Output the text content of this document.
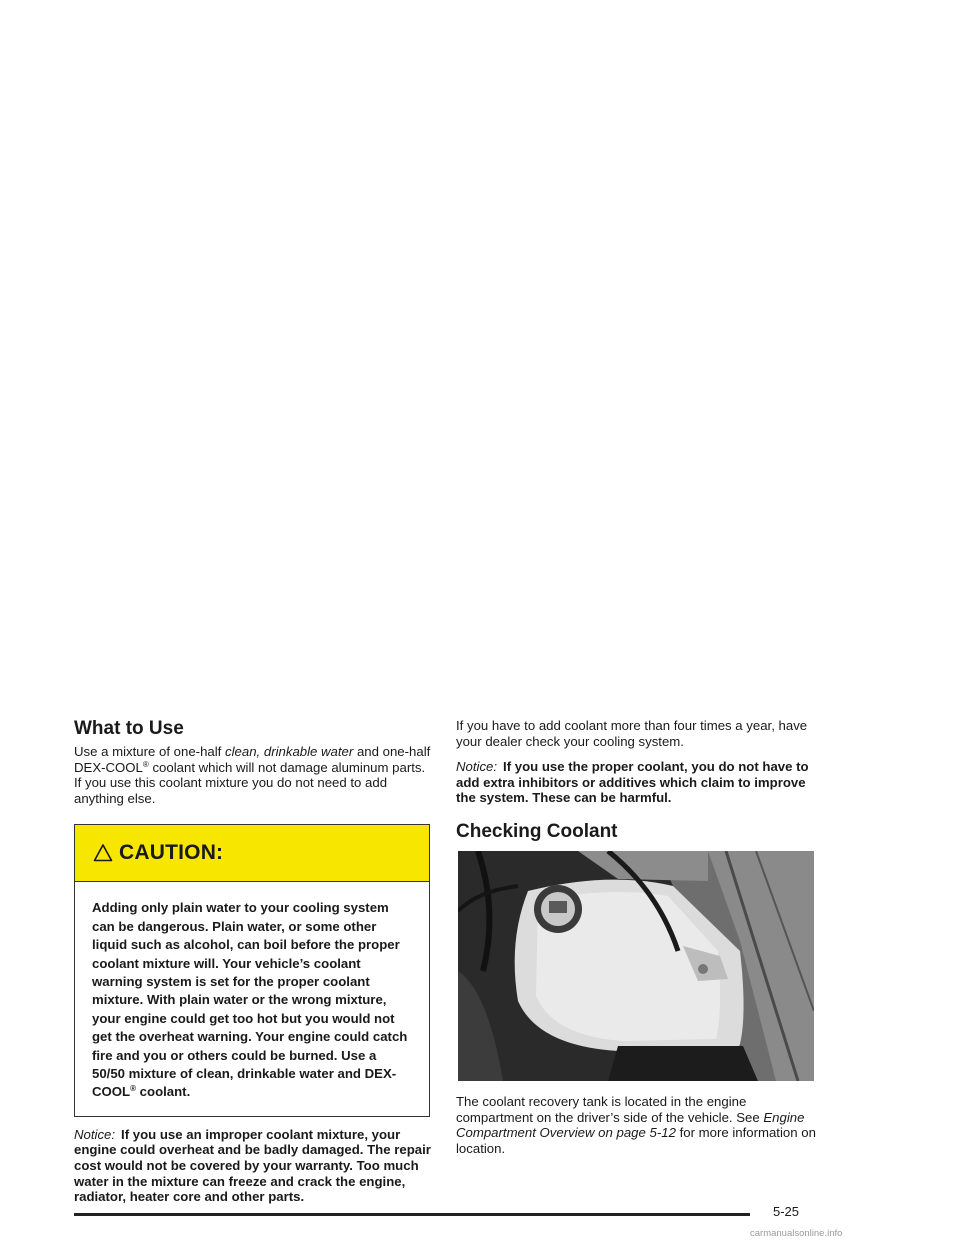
What to Use

Use a mixture of one-half clean, drinkable water and one-half DEX-COOL® coolant which will not damage aluminum parts. If you use this coolant mixture you do not need to add anything else.

CAUTION:
Adding only plain water to your cooling system can be dangerous. Plain water, or some other liquid such as alcohol, can boil before the proper coolant mixture will. Your vehicle’s coolant warning system is set for the proper coolant mixture. With plain water or the wrong mixture, your engine could get too hot but you would not get the overheat warning. Your engine could catch fire and you or others could be burned. Use a 50/50 mixture of clean, drinkable water and DEX-COOL® coolant.

Notice: If you use an improper coolant mixture, your engine could overheat and be badly damaged. The repair cost would not be covered by your warranty. Too much water in the mixture can freeze and crack the engine, radiator, heater core and other parts.

If you have to add coolant more than four times a year, have your dealer check your cooling system.

Notice: If you use the proper coolant, you do not have to add extra inhibitors or additives which claim to improve the system. These can be harmful.

Checking Coolant

The coolant recovery tank is located in the engine compartment on the driver’s side of the vehicle. See Engine Compartment Overview on page 5-12 for more information on location.

5-25
carmanualsonline.info
